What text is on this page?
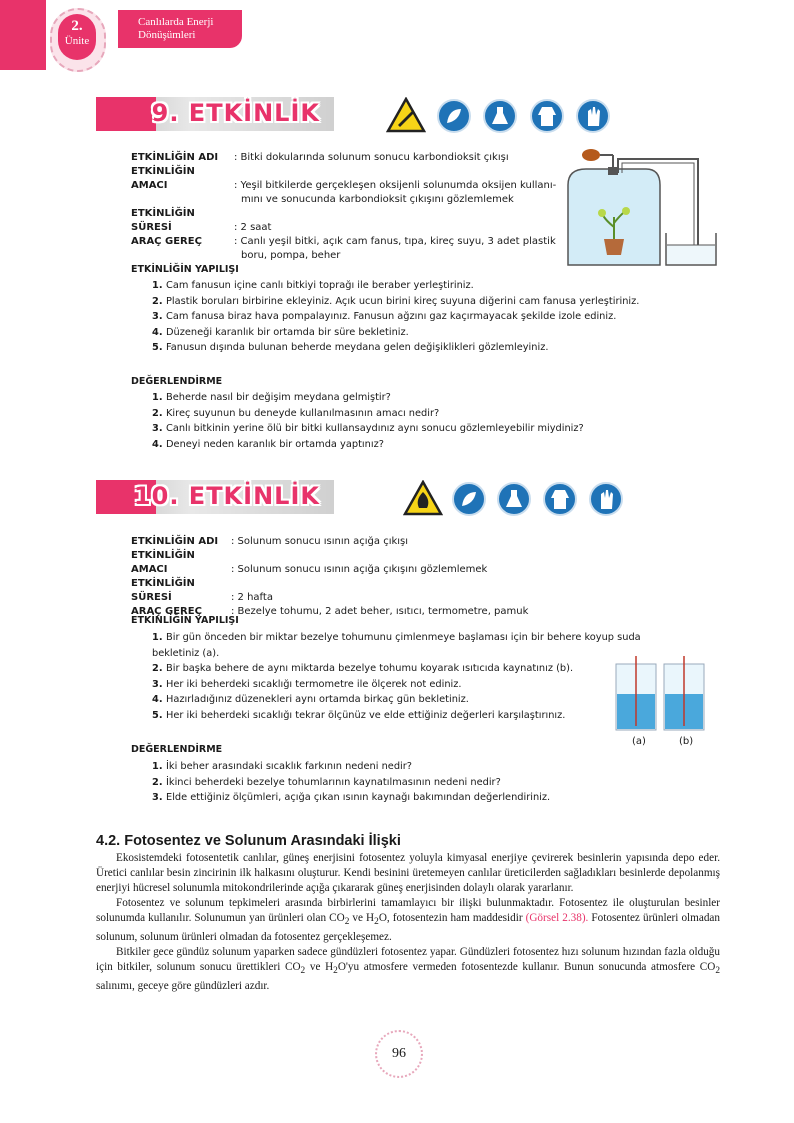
2.
Ünite
Canlılarda Enerji
Dönüşümleri
9. ETKİNLİK
ETKİNLİĞİN ADI : Bitki dokularında solunum sonucu karbondioksit çıkışı
ETKİNLİĞİN AMACI	: Yeşil bitkilerde gerçekleşen oksijenli solunumda oksijen kullanı-
mını ve sonucunda karbondioksit çıkışını gözlemlemek
ETKİNLİĞİN SÜRESİ	: 2 saat
ARAÇ GEREÇ	: Canlı yeşil bitki, açık cam fanus, tıpa, kireç suyu, 3 adet plastik
boru, pompa, beher
ETKİNLİĞİN YAPILIŞI
1. Cam fanusun içine canlı bitkiyi toprağı ile beraber yerleştiriniz.
2. Plastik boruları birbirine ekleyiniz. Açık ucun birini kireç suyuna diğerini cam fanusa yerleştiriniz.
3. Cam fanusa biraz hava pompalayınız. Fanusun ağzını gaz kaçırmayacak şekilde izole ediniz.
4. Düzeneği karanlık bir ortamda bir süre bekletiniz.
5. Fanusun dışında bulunan beherde meydana gelen değişiklikleri gözlemleyiniz.
DEĞERLENDİRME
1. Beherde nasıl bir değişim meydana gelmiştir?
2. Kireç suyunun bu deneyde kullanılmasının amacı nedir?
3. Canlı bitkinin yerine ölü bir bitki kullansaydınız aynı sonucu gözlemleyebilir miydiniz?
4. Deneyi neden karanlık bir ortamda yaptınız?
10. ETKİNLİK
ETKİNLİĞİN ADI : Solunum sonucu ısının açığa çıkışı
ETKİNLİĞİN AMACI	: Solunum sonucu ısının açığa çıkışını gözlemlemek
ETKİNLİĞİN SÜRESİ	: 2 hafta
ARAÇ GEREÇ	: Bezelye tohumu, 2 adet beher, ısıtıcı, termometre, pamuk
ETKİNLİĞİN YAPILIŞI
1. Bir gün önceden bir miktar bezelye tohumunu çimlenmeye başlaması için bir behere koyup suda
bekletiniz (a).
2. Bir başka behere de aynı miktarda bezelye tohumu koyarak ısıtıcıda kaynatınız (b).
3. Her iki beherdeki sıcaklığı termometre ile ölçerek not ediniz.
4. Hazırladığınız düzenekleri aynı ortamda birkaç gün bekletiniz.
5. Her iki beherdeki sıcaklığı tekrar ölçünüz ve elde ettiğiniz değerleri karşılaştırınız.
(a)	(b)
DEĞERLENDİRME
1. İki beher arasındaki sıcaklık farkının nedeni nedir?
2. İkinci beherdeki bezelye tohumlarının kaynatılmasının nedeni nedir?
3. Elde ettiğiniz ölçümleri, açığa çıkan ısının kaynağı bakımından değerlendiriniz.
4.2. Fotosentez ve Solunum Arasındaki İlişki
Ekosistemdeki fotosentetik canlılar, güneş enerjisini fotosentez yoluyla kimyasal enerjiye çevirerek besinlerin yapısında depo eder. Üretici canlılar besin zincirinin ilk halkasını oluşturur. Kendi besinini üretemeyen canlılar üreticilerden sağladıkları besinlerde depolanmış enerjiyi hücresel solunumla mitokondrilerinde açığa çıkararak güneş enerjisinden dolaylı olarak yararlanır.
Fotosentez ve solunum tepkimeleri arasında birbirlerini tamamlayıcı bir ilişki bulunmaktadır. Fotosentez ile oluşturulan besinler solunumda kullanılır. Solunumun yan ürünleri olan $CO_2$ ve $H_2O$, fotosentezin ham maddesidir (Görsel 2.38). Fotosentez ürünleri olmadan solunum, solunum ürünleri olmadan da fotosentez gerçekleşemez.
Bitkiler gece gündüz solunum yaparken sadece gündüzleri fotosentez yapar. Gündüzleri fotosentez hızı solunum hızından fazla olduğu için bitkiler, solunum sonucu ürettikleri $CO_2$ ve $H_2O'yu$ atmosfere vermeden fotosentezde kullanır. Bunun sonucunda atmosfere $CO_2$ salınımı, geceye göre gündüzleri azdır.
96
